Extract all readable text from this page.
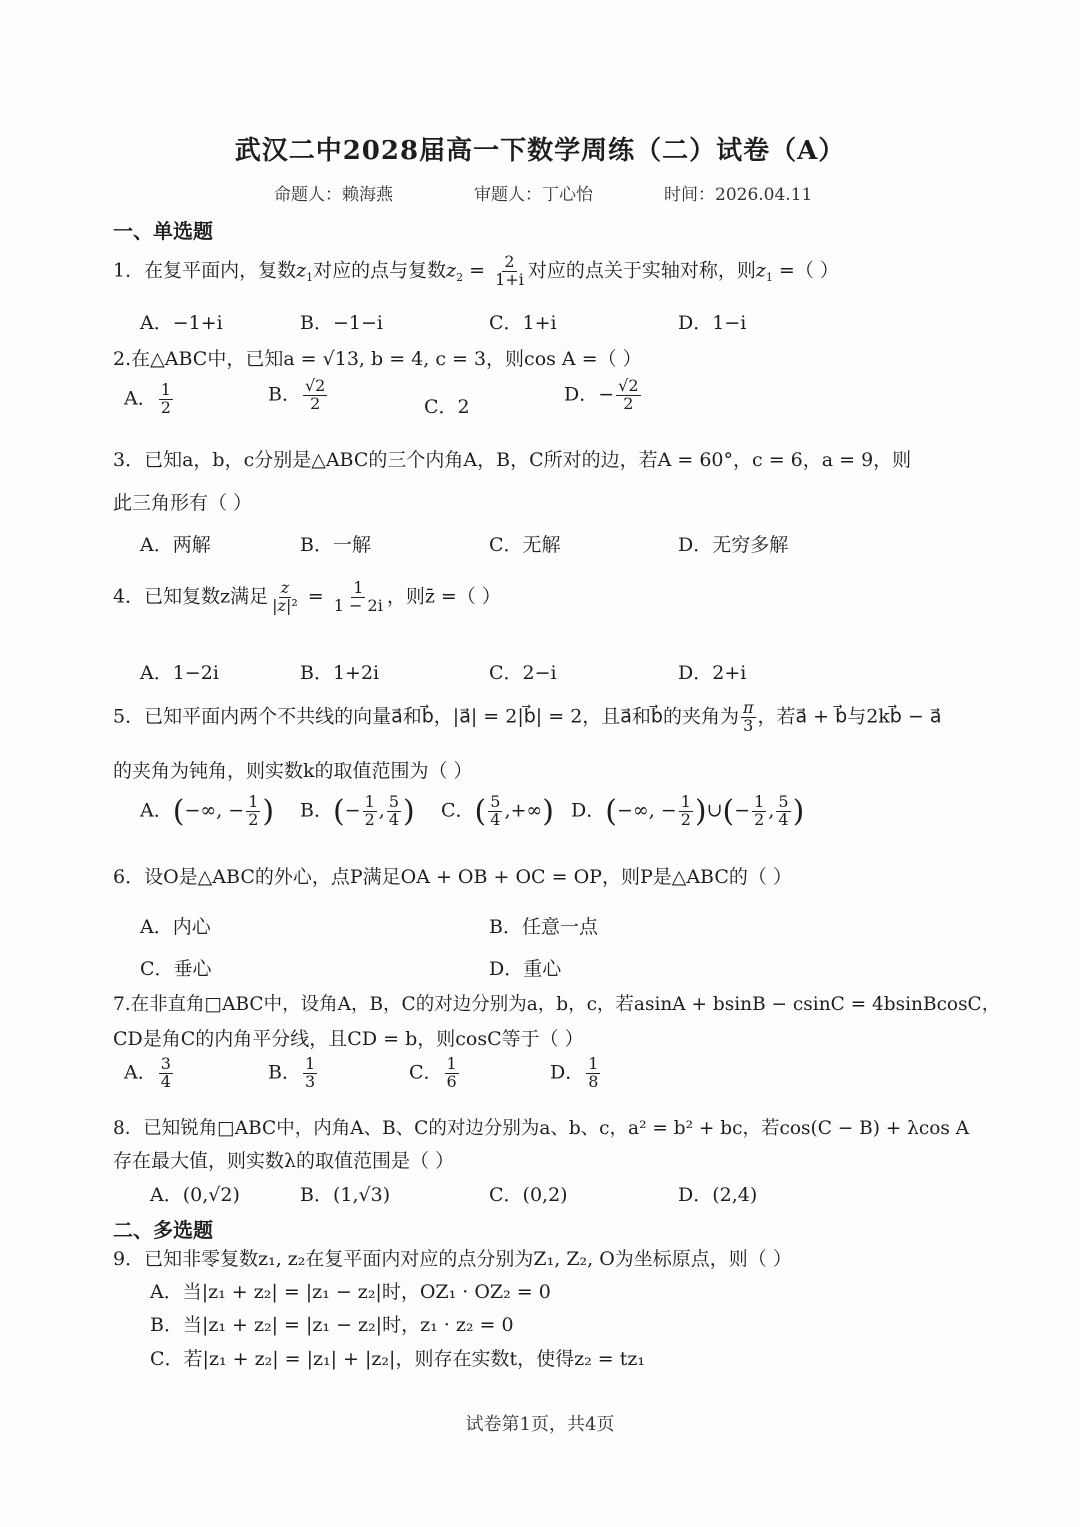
武汉二中2028届高一下数学周练（二）试卷（A）
命题人：赖海燕	审题人：丁心怡	时间：2026.04.11
一、单选题
1．在复平面内，复数$z_1$对应的点与复数$z_2 = \frac{2}{1+i}$ 对应的点关于实轴对称，则$z_1$ =（ ）
A．−1+i	B．−1−i	C．1+i	D．1−i
2.在△ABC中，已知a = √13, b = 4, c = 3，则cos A =（ ）
A． $\frac{1}{2}$	B． $\frac{√2}{2}$	C．2
D．− $\frac{√2}{2}$
3．已知a，b，c分别是△ABC的三个内角A，B，C所对的边，若A = 60°，c = 6，a = 9，则
此三角形有（ ）
A．两解	B．一解	C．无解	D．无穷多解
4．已知复数z满足 $\frac{z}{\text{|z|²}} = \frac{1}{1 - 2i}$ ，则z̄ =（ ）
A．1−2i	B．1+2i	C．2−i	D．2+i
5．已知平面内两个不共线的向量a⃗和b⃗，|a⃗| = 2|b⃗| = 2，且a⃗和b⃗的夹角为 $\frac{\pi}{3}$ ，若a⃗ + b⃗与2kb⃗ − a⃗
的夹角为钝角，则实数k的取值范围为（ ）
A．(−∞, − $\frac{1}{2}$ ) B．(− $\frac{1}{2}$ , $\frac{5}{4}$ ) C．( $\frac{5}{4}$ ,+∞) D．(−∞, − $\frac{1}{2}$ )∪(− $\frac{1}{2}$ , $\frac{5}{4}$ )
6．设O是△ABC的外心，点P满足OA + OB + OC = OP，则P是△ABC的（ ）
A．内心	B．任意一点
C．垂心	D．重心
7.在非直角□ABC中，设角A，B，C的对边分别为a，b，c，若asinA + bsinB − csinC = 4bsinBcosC，
CD是角C的内角平分线，且CD = b，则cosC等于（ ）
A． $\frac{3}{4}$	B． $\frac{1}{3}$	C． $\frac{1}{6}$	D． $\frac{1}{8}$
8．已知锐角□ABC中，内角A、B、C的对边分别为a、b、c，a² = b² + bc，若cos(C − B) + λcos A
存在最大值，则实数λ的取值范围是（ ）
A．(0,√2)	B．(1,√3)	C．(0,2)	D．(2,4)
二、多选题
9．已知非零复数z₁, z₂在复平面内对应的点分别为Z₁, Z₂, O为坐标原点，则（ ）
A．当|z₁ + z₂| = |z₁ − z₂|时，OZ₁ · OZ₂ = 0
B．当|z₁ + z₂| = |z₁ − z₂|时，z₁ · z₂ = 0
C．若|z₁ + z₂| = |z₁| + |z₂|，则存在实数t，使得z₂ = tz₁
试卷第1页，共4页
